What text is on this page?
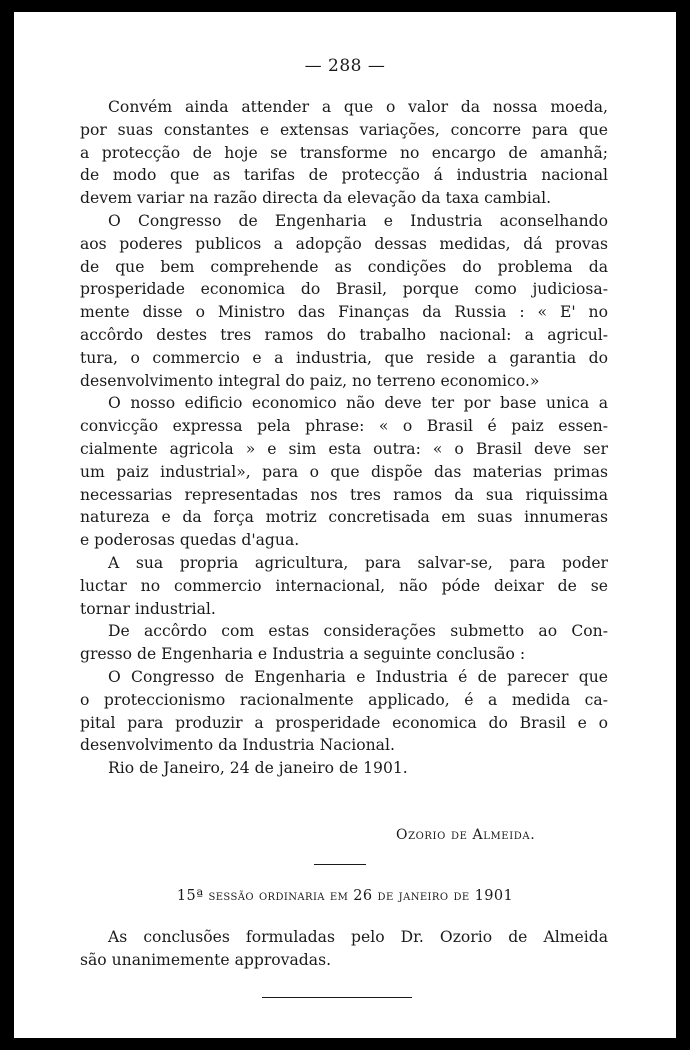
— 288 —

Convém ainda attender a que o valor da nossa moeda,
por suas constantes e extensas variações, concorre para que
a protecção de hoje se transforme no encargo de amanhã;
de modo que as tarifas de protecção á industria nacional
devem variar na razão directa da elevação da taxa cambial.

O Congresso de Engenharia e Industria aconselhando
aos poderes publicos a adopção dessas medidas, dá provas
de que bem comprehende as condições do problema da
prosperidade economica do Brasil, porque como judiciosa-
mente disse o Ministro das Finanças da Russia : « E' no
accôrdo destes tres ramos do trabalho nacional: a agricul-
tura, o commercio e a industria, que reside a garantia do
desenvolvimento integral do paiz, no terreno economico.»

O nosso edificio economico não deve ter por base unica a
convicção expressa pela phrase: « o Brasil é paiz essen-
cialmente agricola » e sim esta outra: « o Brasil deve ser
um paiz industrial», para o que dispõe das materias primas
necessarias representadas nos tres ramos da sua riquissima
natureza e da força motriz concretisada em suas innumeras
e poderosas quedas d'agua.

A sua propria agricultura, para salvar-se, para poder
luctar no commercio internacional, não póde deixar de se
tornar industrial.

De accôrdo com estas considerações submetto ao Con-
gresso de Engenharia e Industria a seguinte conclusão :

O Congresso de Engenharia e Industria é de parecer que
o proteccionismo racionalmente applicado, é a medida ca-
pital para produzir a prosperidade economica do Brasil e o
desenvolvimento da Industria Nacional.

Rio de Janeiro, 24 de janeiro de 1901.

Ozorio de Almeida.
15ª sessão ordinaria em 26 de janeiro de 1901
As conclusões formuladas pelo Dr. Ozorio de Almeida
são unanimemente approvadas.
